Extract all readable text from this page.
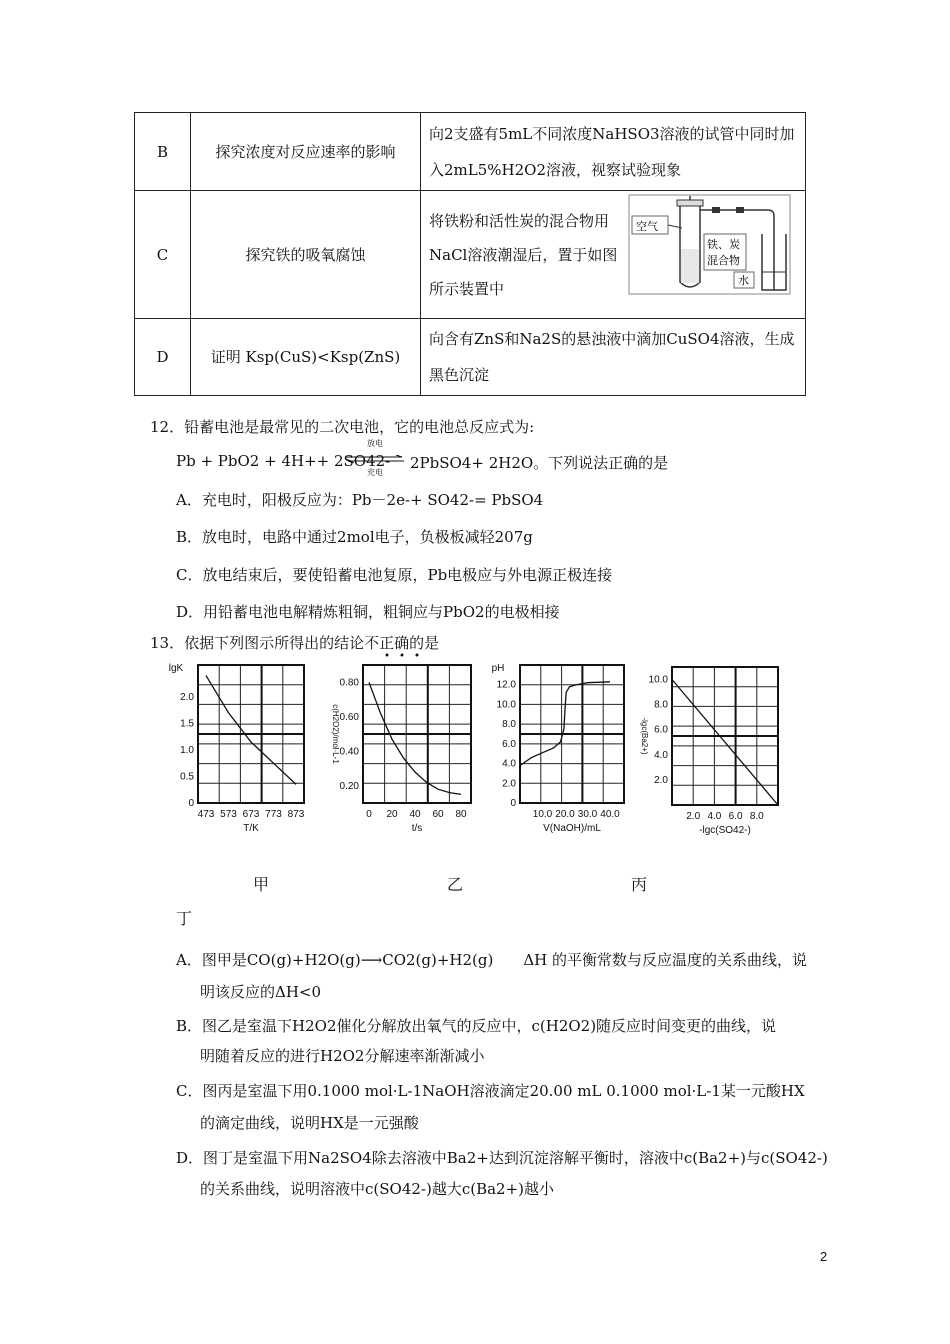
B	探究浓度对反应速率的影响	向2支盛有5mL不同浓度NaHSO3溶液的试管中同时加入2mL5%H2O2溶液，视察试验现象
C	探究铁的吸氧腐蚀	将铁粉和活性炭的混合物用NaCl溶液潮湿后，置于如图所示装置中

D	证明 Ksp(CuS)<Ksp(ZnS)	向含有ZnS和Na2S的悬浊液中滴加CuSO4溶液，生成黑色沉淀
空气
铁、炭
混合物
水
12．铅蓄电池是最常见的二次电池，它的电池总反应式为:
Pb + PbO2 + 4H++ 2SO42-
放电
充电
2PbSO4+ 2H2O。下列说法正确的是
A．充电时，阳极反应为：Pb－2e-+ SO42-= PbSO4
B．放电时，电路中通过2mol电子，负极板减轻207g
C．放电结束后，要使铅蓄电池复原，Pb电极应与外电源正极连接
D．用铅蓄电池电解精炼粗铜，粗铜应与PbO2的电极相接
13．依据下列图示所得出的结论不正确的是
0
0.5
1.0
1.5
2.0
473 573 673 773 873
T/K
lgK
0.20
0.40
0.60
0.80
0 20 40 60 80
t/s
c(H2O2)/mol·L-1
0
2.0
4.0
6.0
8.0
10.0
12.0
10.0 20.0 30.0 40.0
V(NaOH)/mL
pH
2.0
4.0
6.0
8.0
10.0
2.0 4.0 6.0 8.0
-lgc(SO42-)
-lgc(Ba2+)
甲	乙	丙
丁
A．图甲是CO(g)+H2O(g)⟶CO2(g)+H2(g)　　ΔH 的平衡常数与反应温度的关系曲线，说
明该反应的ΔH<0
B．图乙是室温下H2O2催化分解放出氧气的反应中，c(H2O2)随反应时间变更的曲线，说
明随着反应的进行H2O2分解速率渐渐减小
C．图丙是室温下用0.1000 mol·L-1NaOH溶液滴定20.00 mL 0.1000 mol·L-1某一元酸HX
的滴定曲线，说明HX是一元强酸
D．图丁是室温下用Na2SO4除去溶液中Ba2+达到沉淀溶解平衡时，溶液中c(Ba2+)与c(SO42-)
的关系曲线，说明溶液中c(SO42-)越大c(Ba2+)越小
2
